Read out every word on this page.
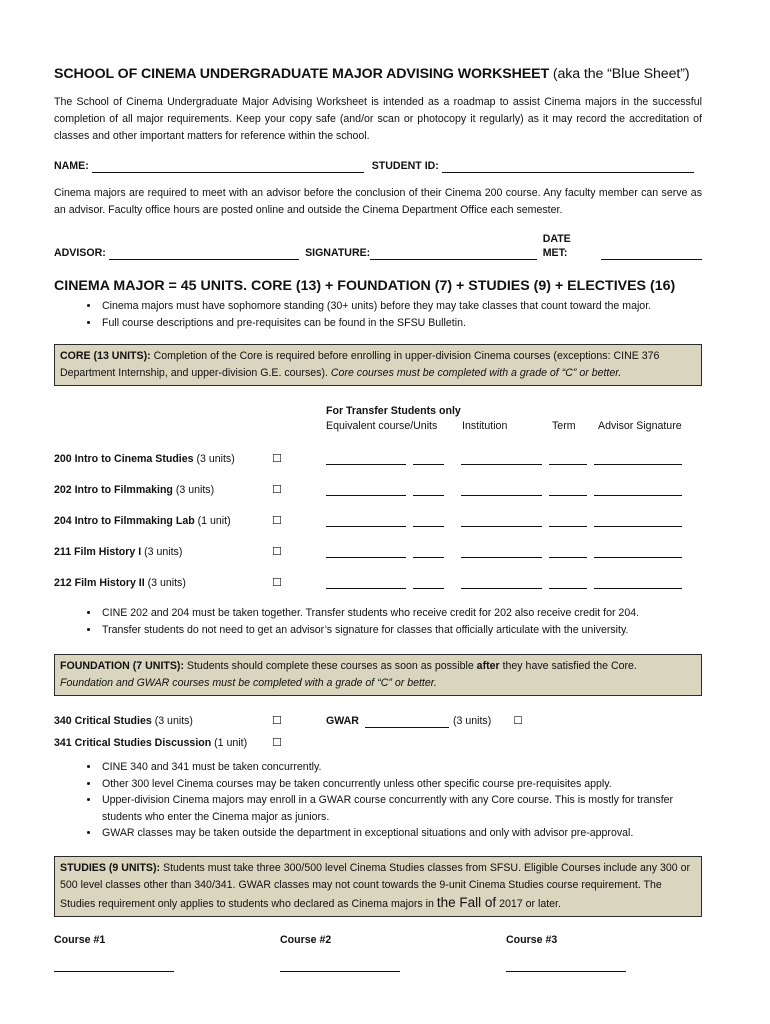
SCHOOL OF CINEMA UNDERGRADUATE MAJOR ADVISING WORKSHEET (aka the “Blue Sheet”)

The School of Cinema Undergraduate Major Advising Worksheet is intended as a roadmap to assist Cinema majors in the successful completion of all major requirements. Keep your copy safe (and/or scan or photocopy it regularly) as it may record the accreditation of classes and other important matters for reference within the school.

NAME:	STUDENT ID:

Cinema majors are required to meet with an advisor before the conclusion of their Cinema 200 course. Any faculty member can serve as an advisor. Faculty office hours are posted online and outside the Cinema Department Office each semester.

ADVISOR:	SIGNATURE:
DATE MET:
CINEMA MAJOR = 45 UNITS. CORE (13) + FOUNDATION (7) + STUDIES (9) + ELECTIVES (16)
• Cinema majors must have sophomore standing (30+ units) before they may take classes that count toward the major.
• Full course descriptions and pre-requisites can be found in the SFSU Bulletin.
CORE (13 UNITS): Completion of the Core is required before enrolling in upper-division Cinema courses (exceptions: CINE 376 Department Internship, and upper-division G.E. courses). Core courses must be completed with a grade of “C” or better.
For Transfer Students only
Equivalent course/Units	Institution	Term	Advisor Signature
200 Intro to Cinema Studies (3 units)	☐
202 Intro to Filmmaking (3 units)	☐
204 Intro to Filmmaking Lab (1 unit)	☐
211 Film History I (3 units)	☐
212 Film History II (3 units)	☐
• CINE 202 and 204 must be taken together. Transfer students who receive credit for 202 also receive credit for 204.
• Transfer students do not need to get an advisor’s signature for classes that officially articulate with the university.
FOUNDATION (7 UNITS): Students should complete these courses as soon as possible after they have satisfied the Core.
Foundation and GWAR courses must be completed with a grade of “C” or better.
340 Critical Studies (3 units)	☐	GWAR	(3 units) ☐
341 Critical Studies Discussion (1 unit)	☐
• CINE 340 and 341 must be taken concurrently.
• Other 300 level Cinema courses may be taken concurrently unless other specific course pre-requisites apply.
• Upper-division Cinema majors may enroll in a GWAR course concurrently with any Core course. This is mostly for transfer students who enter the Cinema major as juniors.
• GWAR classes may be taken outside the department in exceptional situations and only with advisor pre-approval.
STUDIES (9 UNITS): Students must take three 300/500 level Cinema Studies classes from SFSU. Eligible Courses include any 300 or 500 level classes other than 340/341. GWAR classes may not count towards the 9-unit Cinema Studies course requirement. The Studies requirement only applies to students who declared as Cinema majors in the Fall of 2017 or later.
Course #1	Course #2	Course #3
